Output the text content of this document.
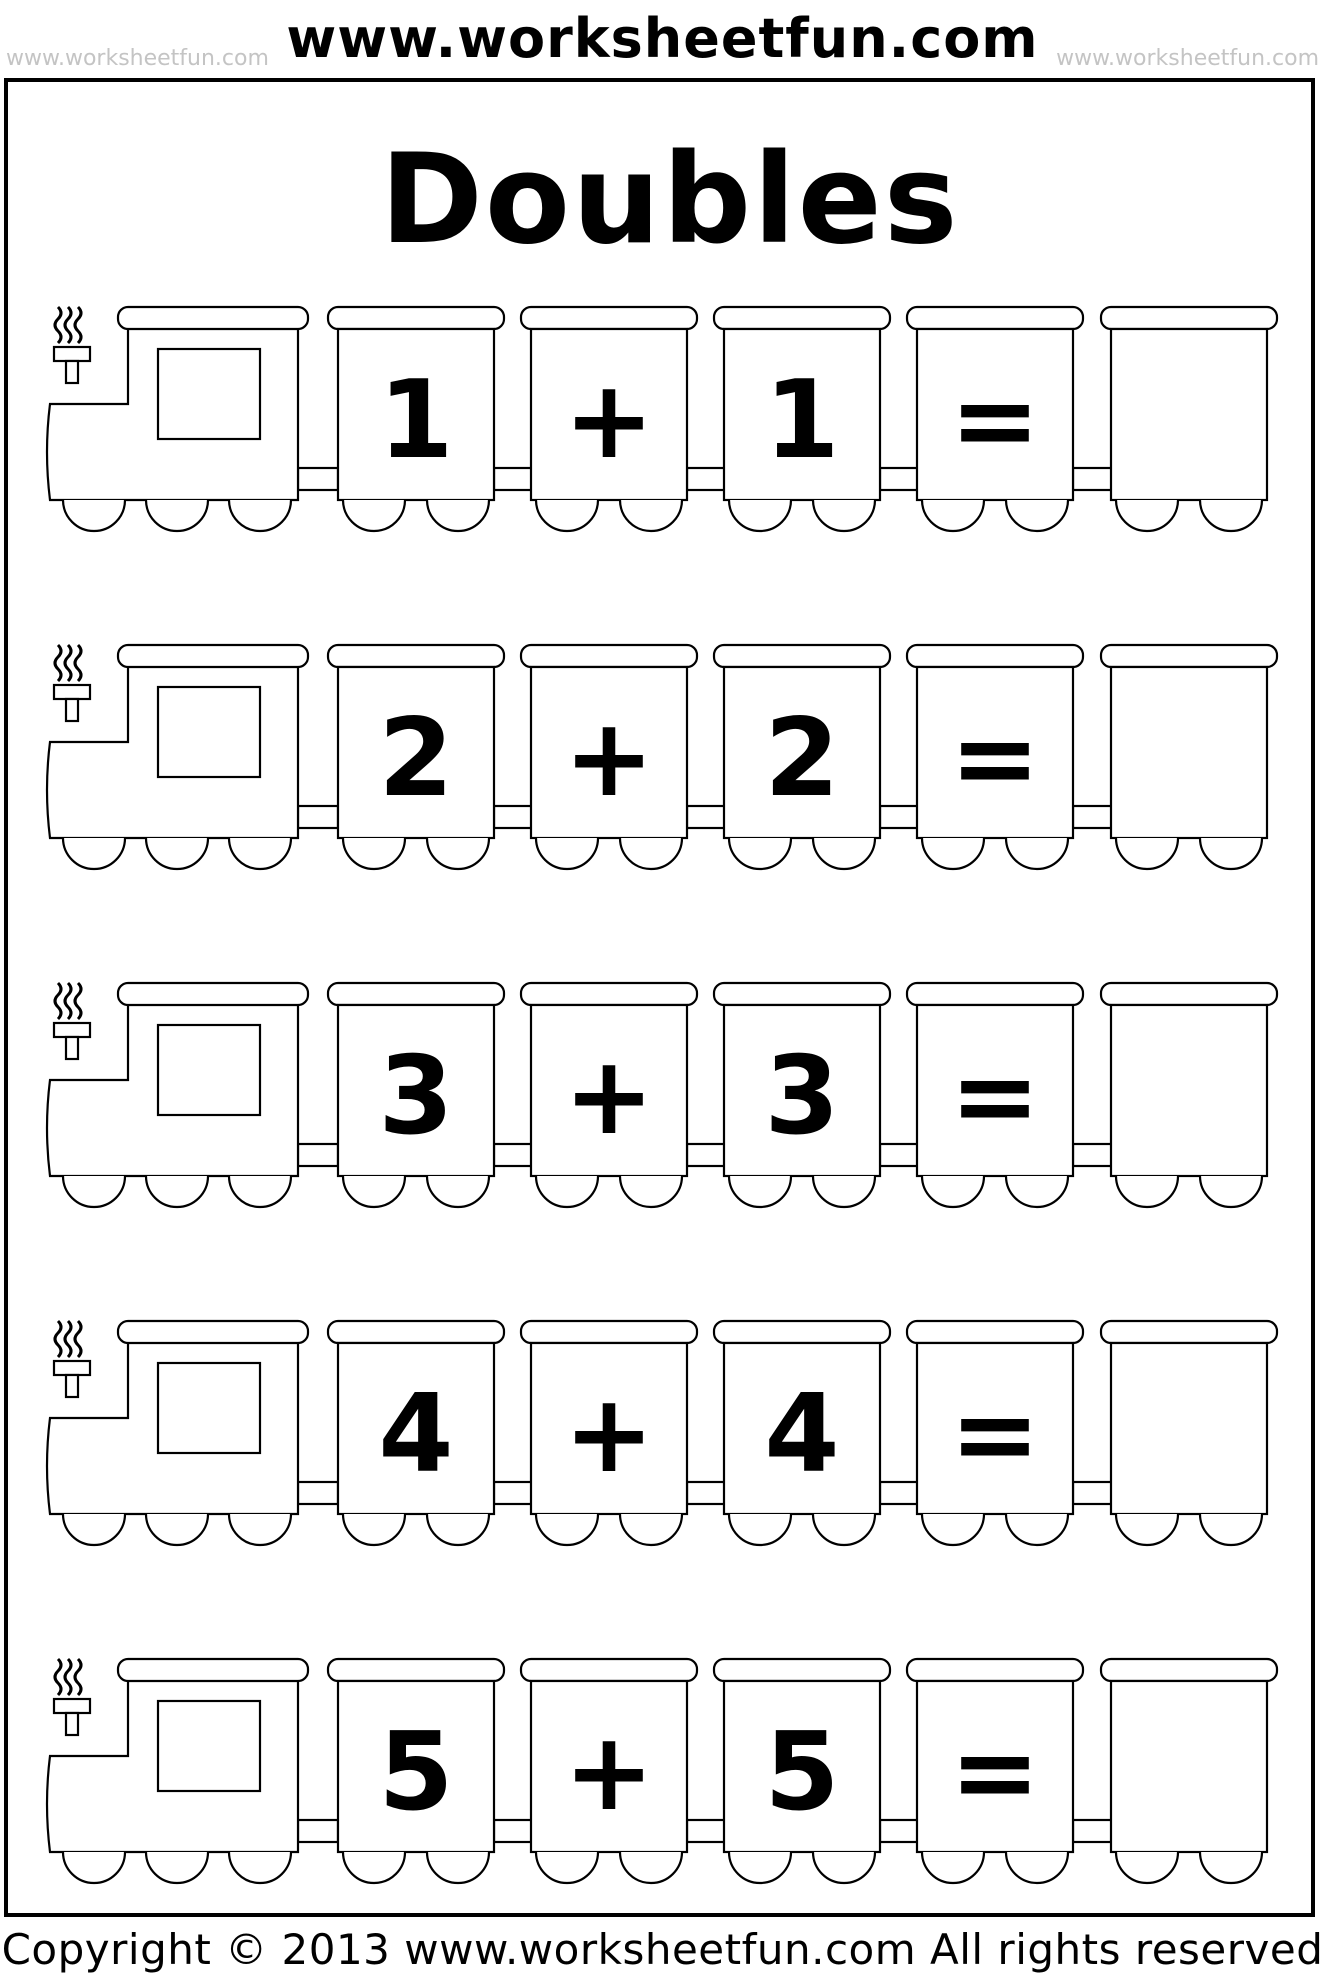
www.worksheetfun.com www.worksheetfun.com www.worksheetfun.com
Doubles
1 + 1 =
2 + 2 =
3 + 3 =
4 + 4 =
5 + 5 =
Copyright © 2013 www.worksheetfun.com All rights reserved
